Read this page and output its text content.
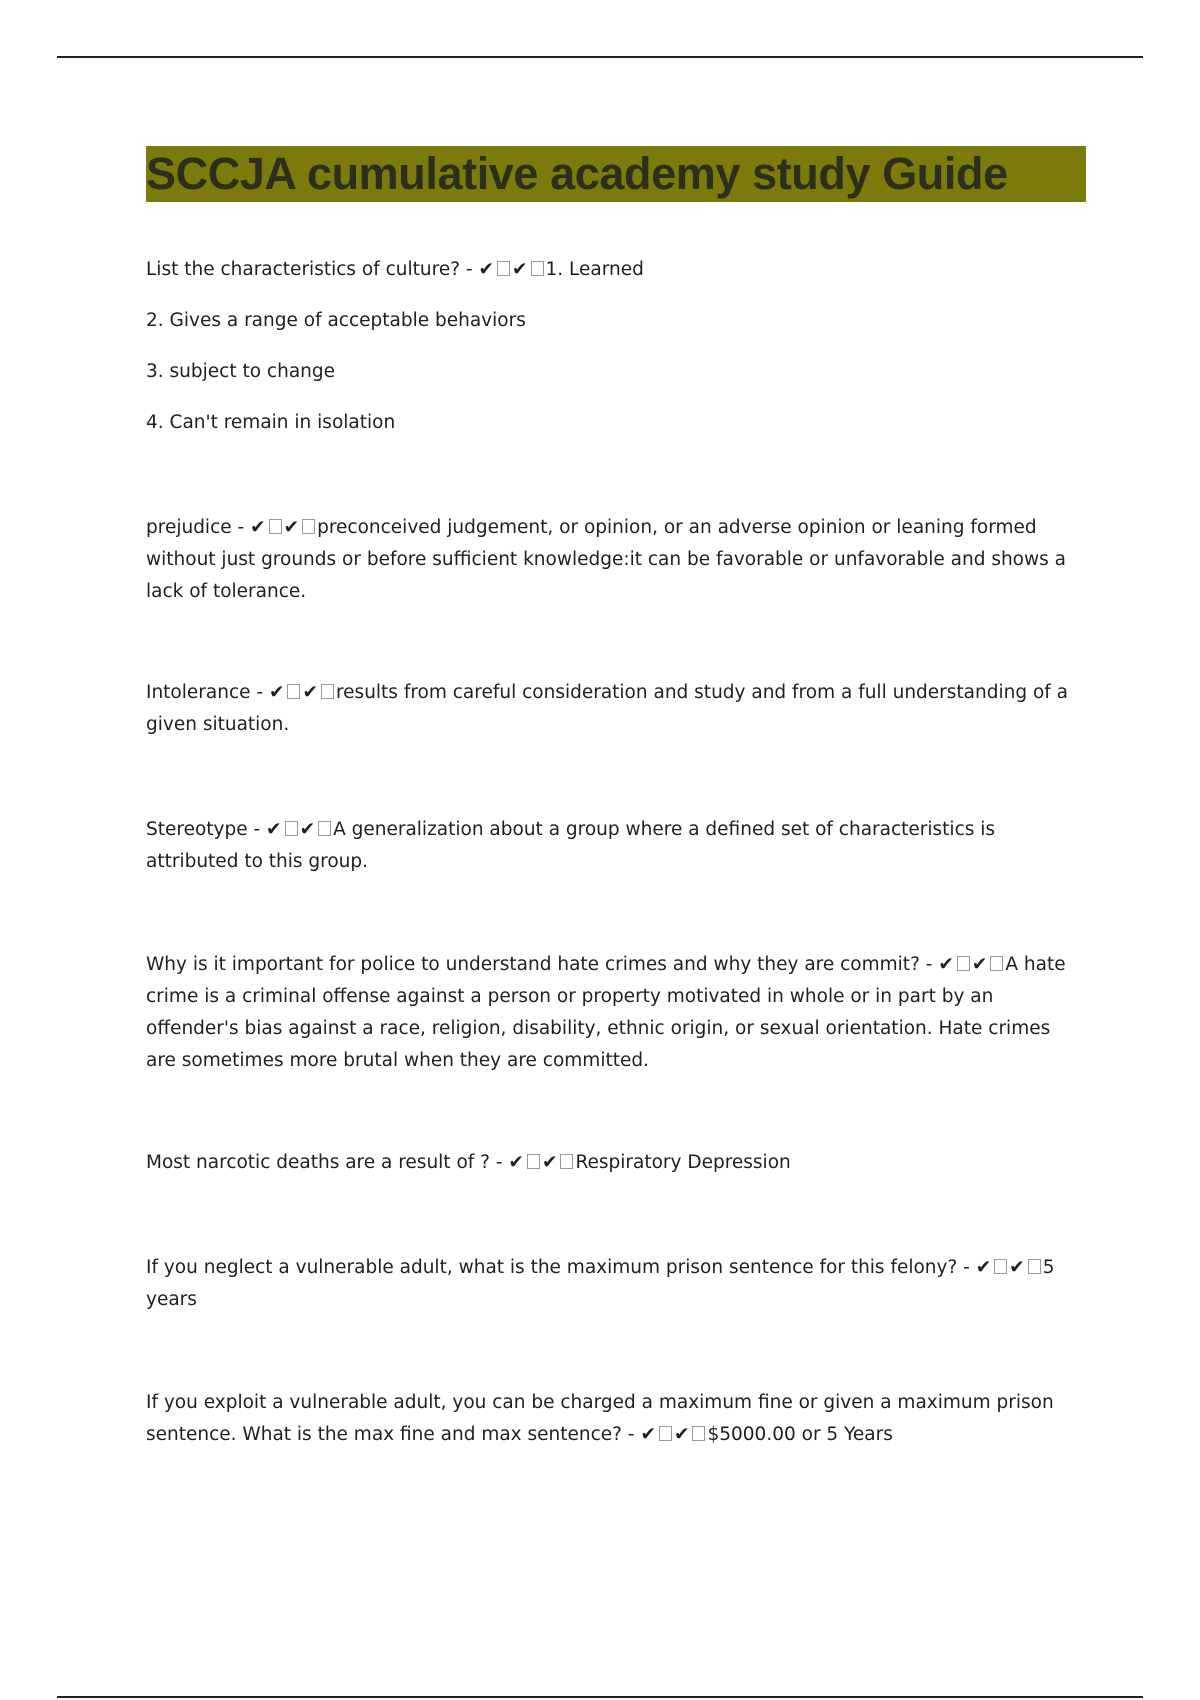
SCCJA cumulative academy study Guide

List the characteristics of culture? - ✔ ✔ 1. Learned

2. Gives a range of acceptable behaviors

3. subject to change

4. Can't remain in isolation

prejudice - ✔ ✔ preconceived judgement, or opinion, or an adverse opinion or leaning formed without just grounds or before sufficient knowledge:it can be favorable or unfavorable and shows a lack of tolerance.

Intolerance - ✔ ✔ results from careful consideration and study and from a full understanding of a given situation.

Stereotype - ✔ ✔ A generalization about a group where a defined set of characteristics is attributed to this group.

Why is it important for police to understand hate crimes and why they are commit? - ✔ ✔ A hate crime is a criminal offense against a person or property motivated in whole or in part by an offender's bias against a race, religion, disability, ethnic origin, or sexual orientation. Hate crimes are sometimes more brutal when they are committed.

Most narcotic deaths are a result of ? - ✔ ✔ Respiratory Depression

If you neglect a vulnerable adult, what is the maximum prison sentence for this felony? - ✔ ✔ 5 years

If you exploit a vulnerable adult, you can be charged a maximum fine or given a maximum prison sentence. What is the max fine and max sentence? - ✔ ✔ $5000.00 or 5 Years
